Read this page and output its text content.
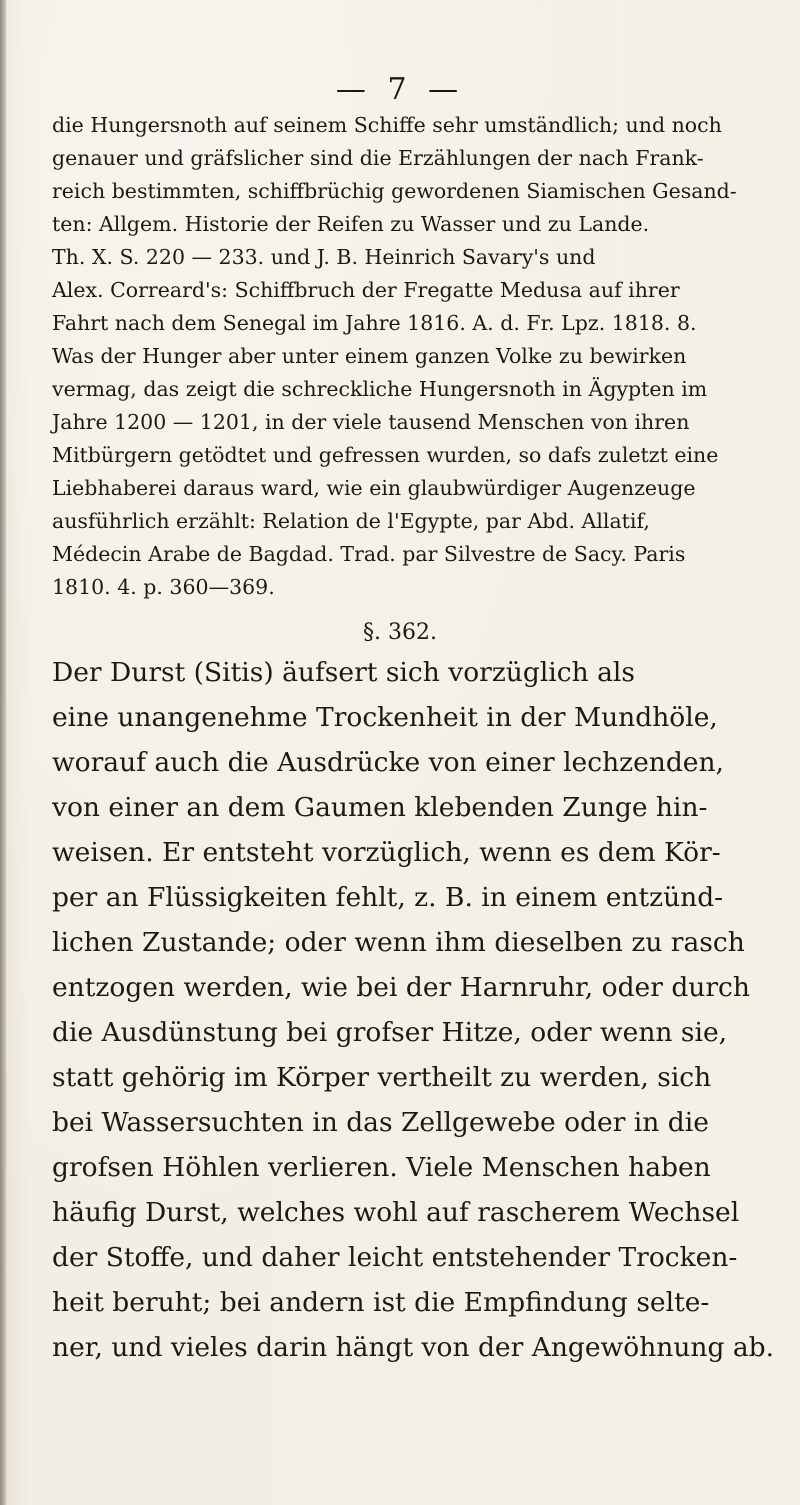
— 7 —
die Hungersnoth auf seinem Schiffe sehr umständlich; und noch
genauer und gräfslicher sind die Erzählungen der nach Frank-
reich bestimmten, schiffbrüchig gewordenen Siamischen Gesand-
ten: Allgem. Historie der Reifen zu Wasser und zu Lande.
Th. X. S. 220 — 233. und J. B. Heinrich Savary's und
Alex. Correard's: Schiffbruch der Fregatte Medusa auf ihrer
Fahrt nach dem Senegal im Jahre 1816. A. d. Fr. Lpz. 1818. 8.
Was der Hunger aber unter einem ganzen Volke zu bewirken
vermag, das zeigt die schreckliche Hungersnoth in Ägypten im
Jahre 1200 — 1201, in der viele tausend Menschen von ihren
Mitbürgern getödtet und gefressen wurden, so dafs zuletzt eine
Liebhaberei daraus ward, wie ein glaubwürdiger Augenzeuge
ausführlich erzählt: Relation de l'Egypte, par Abd. Allatif,
Médecin Arabe de Bagdad. Trad. par Silvestre de Sacy. Paris
1810. 4. p. 360—369.
§. 362.
Der Durst (Sitis) äufsert sich vorzüglich als
eine unangenehme Trockenheit in der Mundhöle,
worauf auch die Ausdrücke von einer lechzenden,
von einer an dem Gaumen klebenden Zunge hin-
weisen. Er entsteht vorzüglich, wenn es dem Kör-
per an Flüssigkeiten fehlt, z. B. in einem entzünd-
lichen Zustande; oder wenn ihm dieselben zu rasch
entzogen werden, wie bei der Harnruhr, oder durch
die Ausdünstung bei grofser Hitze, oder wenn sie,
statt gehörig im Körper vertheilt zu werden, sich
bei Wassersuchten in das Zellgewebe oder in die
grofsen Höhlen verlieren. Viele Menschen haben
häufig Durst, welches wohl auf rascherem Wechsel
der Stoffe, und daher leicht entstehender Trocken-
heit beruht; bei andern ist die Empfindung selte-
ner, und vieles darin hängt von der Angewöhnung ab.
